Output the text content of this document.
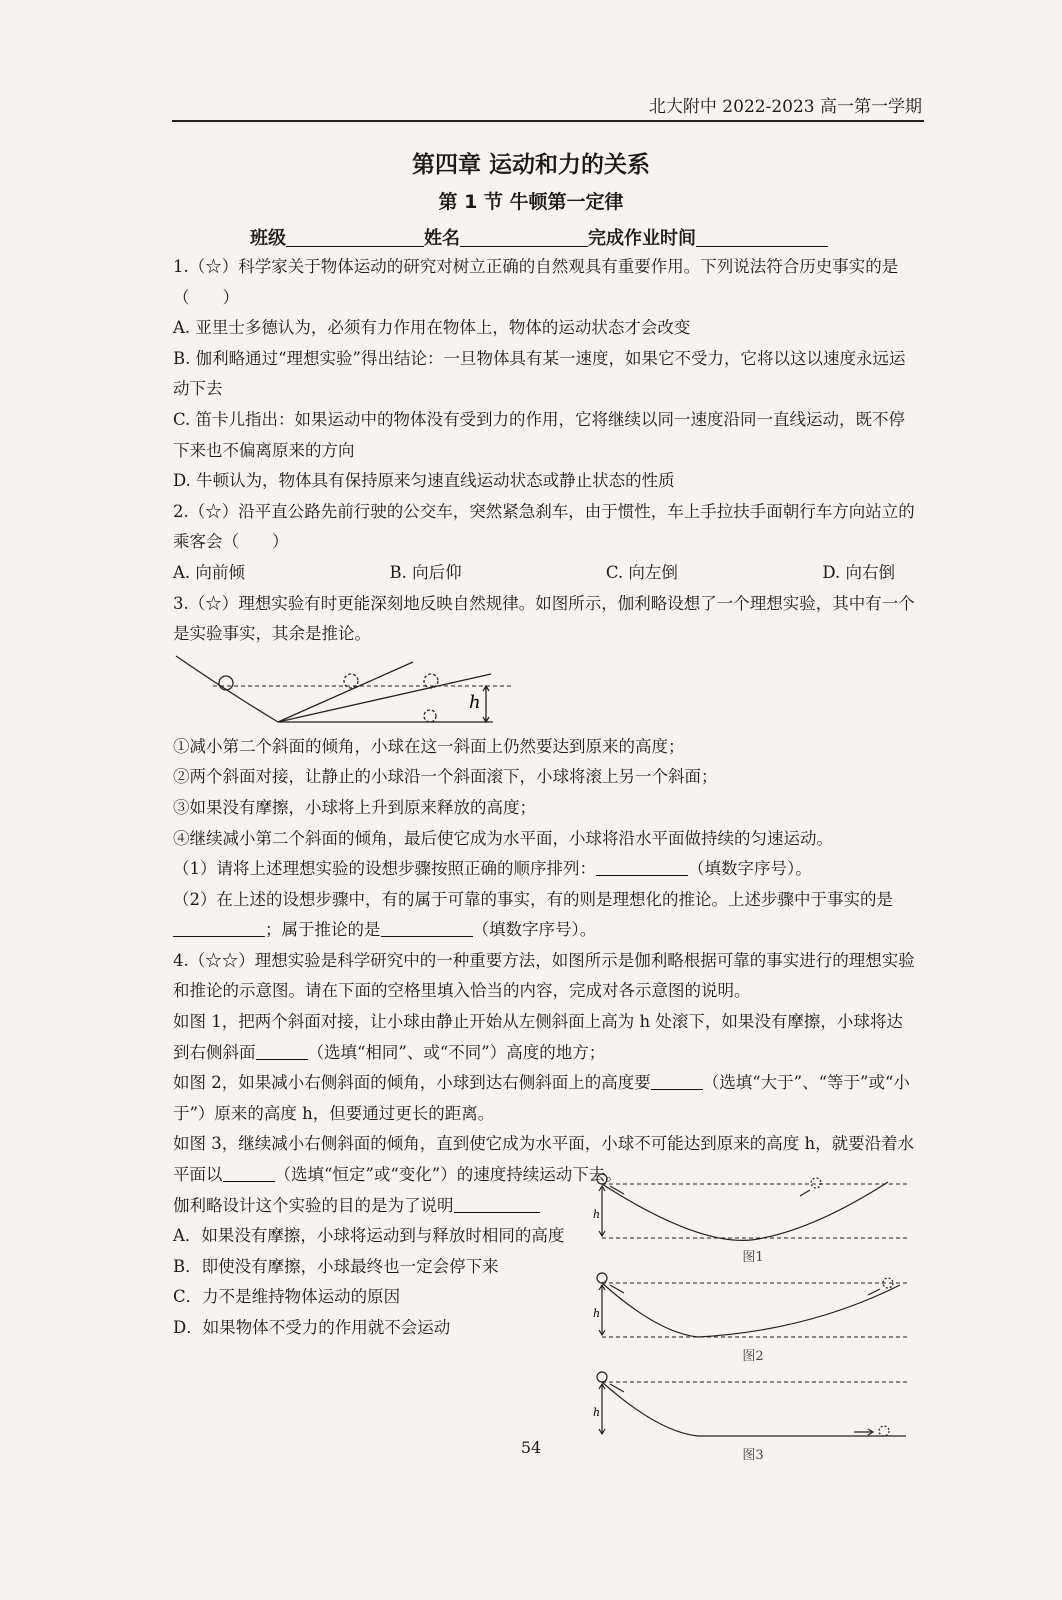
北大附中 2022-2023 高一第一学期
第四章 运动和力的关系
第 1 节 牛顿第一定律
班级	姓名	完成作业时间

1.（☆）科学家关于物体运动的研究对树立正确的自然观具有重要作用。下列说法符合历史事实的是（　　）

A. 亚里士多德认为，必须有力作用在物体上，物体的运动状态才会改变

B. 伽利略通过“理想实验”得出结论：一旦物体具有某一速度，如果它不受力，它将以这以速度永远运动下去

C. 笛卡儿指出：如果运动中的物体没有受到力的作用，它将继续以同一速度沿同一直线运动，既不停下来也不偏离原来的方向

D. 牛顿认为，物体具有保持原来匀速直线运动状态或静止状态的性质

2.（☆）沿平直公路先前行驶的公交车，突然紧急刹车，由于惯性，车上手拉扶手面朝行车方向站立的乘客会（　　）

A. 向前倾	B. 向后仰	C. 向左倒	D. 向右倒

3.（☆）理想实验有时更能深刻地反映自然规律。如图所示，伽利略设想了一个理想实验，其中有一个是实验事实，其余是推论。

h

①减小第二个斜面的倾角，小球在这一斜面上仍然要达到原来的高度；

②两个斜面对接，让静止的小球沿一个斜面滚下，小球将滚上另一个斜面；

③如果没有摩擦，小球将上升到原来释放的高度；

④继续减小第二个斜面的倾角，最后使它成为水平面，小球将沿水平面做持续的匀速运动。

（1）请将上述理想实验的设想步骤按照正确的顺序排列：	（填数字序号）。

（2）在上述的设想步骤中，有的属于可靠的事实，有的则是理想化的推论。上述步骤中于事实的是；属于推论的是	（填数字序号）。

4.（☆☆）理想实验是科学研究中的一种重要方法，如图所示是伽利略根据可靠的事实进行的理想实验和推论的示意图。请在下面的空格里填入恰当的内容，完成对各示意图的说明。

如图 1，把两个斜面对接，让小球由静止开始从左侧斜面上高为 h 处滚下，如果没有摩擦，小球将达到右侧斜面	（选填“相同”、或“不同”）高度的地方；

如图 2，如果减小右侧斜面的倾角，小球到达右侧斜面上的高度要	（选填“大于”、“等于”或“小于”）原来的高度 h，但要通过更长的距离。

如图 3，继续减小右侧斜面的倾角，直到使它成为水平面，小球不可能达到原来的高度 h，就要沿着水平面以	（选填“恒定”或“变化”）的速度持续运动下去。

伽利略设计这个实验的目的是为了说明

A．如果没有摩擦，小球将运动到与释放时相同的高度

B．即使没有摩擦，小球最终也一定会停下来

C．力不是维持物体运动的原因

D．如果物体不受力的作用就不会运动

h
图1
h
图2
h
图3
54
